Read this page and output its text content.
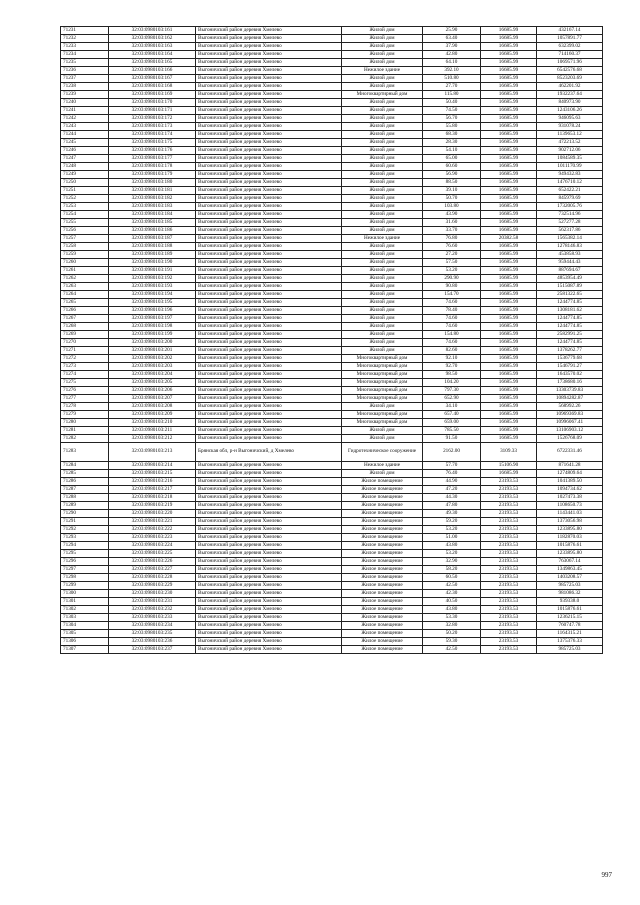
71231	32:03:0980103:161	Выгоничский район деревня Хмелево	Жилой дом	25.90	16685.99	432167.14
71232	32:03:0980103:162	Выгоничский район деревня Хмелево	Жилой дом	63.40	16685.99	1057891.77
71233	32:03:0980103:163	Выгоничский район деревня Хмелево	Жилой дом	37.90	16685.99	632399.02
71234	32:03:0980103:164	Выгоничский район деревня Хмелево	Жилой дом	42.80	16685.99	714160.37
71235	32:03:0980103:165	Выгоничский район деревня Хмелево	Жилой дом	64.10	16685.99	1069571.96
71236	32:03:0980103:166	Выгоничский район деревня Хмелево	Нежилое здание	392.10	16685.99	6542576.68
71237	32:03:0980103:167	Выгоничский район деревня Хмелево	Жилой дом	510.80	16685.99	8523203.69
71238	32:03:0980103:168	Выгоничский район деревня Хмелево	Жилой дом	27.70	16685.99	462201.92
71239	32:03:0980103:169	Выгоничский район деревня Хмелево	Многоквартирный дом	115.80	16685.99	1932237.64
71240	32:03:0980103:170	Выгоничский район деревня Хмелево	Жилой дом	50.40	16685.99	840973.90
71241	32:03:0980103:171	Выгоничский район деревня Хмелево	Жилой дом	74.50	16685.99	1243106.26
71242	32:03:0980103:172	Выгоничский район деревня Хмелево	Жилой дом	56.70	16685.99	946095.63
71243	32:03:0980103:173	Выгоничский район деревня Хмелево	Жилой дом	55.80	16685.99	931078.24
71244	32:03:0980103:174	Выгоничский район деревня Хмелево	Жилой дом	68.30	16685.99	1139653.12
71245	32:03:0980103:175	Выгоничский район деревня Хмелево	Жилой дом	28.30	16685.99	472213.52
71246	32:03:0980103:176	Выгоничский район деревня Хмелево	Жилой дом	54.10	16685.99	902712.06
71247	32:03:0980103:177	Выгоничский район деревня Хмелево	Жилой дом	65.00	16685.99	1084589.35
71248	32:03:0980103:178	Выгоничский район деревня Хмелево	Жилой дом	60.60	16685.99	1011170.99
71249	32:03:0980103:179	Выгоничский район деревня Хмелево	Жилой дом	56.90	16685.99	949432.83
71250	32:03:0980103:180	Выгоничский район деревня Хмелево	Жилой дом	88.50	16685.99	1476710.12
71251	32:03:0980103:181	Выгоничский район деревня Хмелево	Жилой дом	39.10	16685.99	652422.21
71252	32:03:0980103:182	Выгоничский район деревня Хмелево	Жилой дом	50.70	16685.99	845979.69
71253	32:03:0980103:183	Выгоничский район деревня Хмелево	Жилой дом	103.80	16685.99	1732005.76
71254	32:03:0980103:184	Выгоничский район деревня Хмелево	Жилой дом	43.90	16685.99	732514.96
71255	32:03:0980103:185	Выгоничский район деревня Хмелево	Жилой дом	31.60	16685.99	527277.28
71256	32:03:0980103:186	Выгоничский район деревня Хмелево	Жилой дом	33.70	16685.99	562317.86
71257	32:03:0980103:187	Выгоничский район деревня Хмелево	Нежилое здание	76.80	20382.58	1565382.14
71258	32:03:0980103:188	Выгоничский район деревня Хмелево	Жилой дом	76.60	16685.99	1278146.83
71259	32:03:0980103:189	Выгоничский район деревня Хмелево	Жилой дом	27.20	16685.99	453858.93
71260	32:03:0980103:190	Выгоничский район деревня Хмелево	Жилой дом	57.50	16685.99	959444.43
71261	32:03:0980103:191	Выгоничский район деревня Хмелево	Жилой дом	53.20	16685.99	887694.67
71262	32:03:0980103:192	Выгоничский район деревня Хмелево	Жилой дом	290.90	16685.99	4853954.49
71263	32:03:0980103:193	Выгоничский район деревня Хмелево	Жилой дом	90.80	16685.99	1515087.89
71264	32:03:0980103:194	Выгоничский район деревня Хмелево	Жилой дом	154.70	16685.99	2581322.65
71265	32:03:0980103:195	Выгоничский район деревня Хмелево	Жилой дом	74.60	16685.99	1244774.85
71266	32:03:0980103:196	Выгоничский район деревня Хмелево	Жилой дом	78.40	16685.99	1308181.62
71267	32:03:0980103:197	Выгоничский район деревня Хмелево	Жилой дом	74.60	16685.99	1244774.85
71268	32:03:0980103:198	Выгоничский район деревня Хмелево	Жилой дом	74.60	16685.99	1244774.85
71269	32:03:0980103:199	Выгоничский район деревня Хмелево	Жилой дом	154.80	16685.99	2582991.25
71270	32:03:0980103:200	Выгоничский район деревня Хмелево	Жилой дом	74.60	16685.99	1244774.85
71271	32:03:0980103:201	Выгоничский район деревня Хмелево	Жилой дом	82.60	16685.99	1378262.77
71272	32:03:0980103:202	Выгоничский район деревня Хмелево	Многоквартирный дом	92.10	16685.99	1536779.68
71273	32:03:0980103:203	Выгоничский район деревня Хмелево	Многоквартирный дом	92.70	16685.99	1546791.27
71274	32:03:0980103:204	Выгоничский район деревня Хмелево	Многоквартирный дом	98.50	16685.99	1643570.02
71275	32:03:0980103:205	Выгоничский район деревня Хмелево	Многоквартирный дом	104.20	16685.99	1738680.16
71276	32:03:0980103:206	Выгоничский район деревня Хмелево	Многоквартирный дом	797.30	16685.99	13303739.83
71277	32:03:0980103:207	Выгоничский район деревня Хмелево	Многоквартирный дом	652.90	16685.99	10894282.87
71278	32:03:0980103:208	Выгоничский район деревня Хмелево	Жилой дом	34.10	16685.99	568992.26
71279	32:03:0980103:209	Выгоничский район деревня Хмелево	Многоквартирный дом	657.40	16685.99	10969369.83
71280	32:03:0980103:210	Выгоничский район деревня Хмелево	Многоквартирный дом	659.00	16685.99	10996067.41
71281	32:03:0980103:211	Выгоничский район деревня Хмелево	Жилой дом	785.50	16685.99	13106903.12
71282	32:03:0980103:212	Выгоничский район деревня Хмелево	Жилой дом	91.50	16685.99	1526768.09
71283	32:03:0980103:213	Брянская обл, р-н Выгоничский, д Хмелево	Гидротехническое сооружение	2162.00	3109.33	6722331.46
71284	32:03:0980103:214	Выгоничский район деревня Хмелево	Нежилое здание	57.70	15106.90	871641.28
71285	32:03:0980103:215	Выгоничский район деревня Хмелево	Жилой дом	76.40	16685.99	1274809.64
71286	32:03:0980103:216	Выгоничский район деревня Хмелево	Жилое помещение	44.90	23193.53	1041389.50
71287	32:03:0980103:217	Выгоничский район деревня Хмелево	Жилое помещение	47.20	23193.53	1094734.62
71288	32:03:0980103:218	Выгоничский район деревня Хмелево	Жилое помещение	44.30	23193.53	1027473.38
71289	32:03:0980103:219	Выгоничский район деревня Хмелево	Жилое помещение	47.80	23193.53	1108650.73
71290	32:03:0980103:220	Выгоничский район деревня Хмелево	Жилое помещение	49.30	23193.53	1143441.03
71291	32:03:0980103:221	Выгоничский район деревня Хмелево	Жилое помещение	59.20	23193.53	1373056.98
71292	32:03:0980103:222	Выгоничский район деревня Хмелево	Жилое помещение	53.20	23193.53	1233895.80
71293	32:03:0980103:223	Выгоничский район деревня Хмелево	Жилое помещение	51.00	23193.53	1182870.03
71294	32:03:0980103:224	Выгоничский район деревня Хмелево	Жилое помещение	43.80	23193.53	1015876.61
71295	32:03:0980103:225	Выгоничский район деревня Хмелево	Жилое помещение	53.20	23193.53	1233895.80
71296	32:03:0980103:226	Выгоничский район деревня Хмелево	Жилое помещение	32.90	23193.53	763067.14
71297	32:03:0980103:227	Выгоничский район деревня Хмелево	Жилое помещение	58.20	23193.53	1349863.45
71298	32:03:0980103:228	Выгоничский район деревня Хмелево	Жилое помещение	60.50	23193.53	1403208.57
71299	32:03:0980103:229	Выгоничский район деревня Хмелево	Жилое помещение	42.50	23193.53	985725.03
71300	32:03:0980103:230	Выгоничский район деревня Хмелево	Жилое помещение	42.30	23193.53	981086.32
71301	32:03:0980103:231	Выгоничский район деревня Хмелево	Жилое помещение	40.50	23193.53	939338.0
71302	32:03:0980103:232	Выгоничский район деревня Хмелево	Жилое помещение	43.80	23193.53	1015876.61
71303	32:03:0980103:233	Выгоничский район деревня Хмелево	Жилое помещение	53.30	23193.53	1236215.15
71304	32:03:0980103:234	Выгоничский район деревня Хмелево	Жилое помещение	32.80	23193.53	760747.78
71305	32:03:0980103:235	Выгоничский район деревня Хмелево	Жилое помещение	50.20	23193.53	1164315.21
71306	32:03:0980103:236	Выгоничский район деревня Хмелево	Жилое помещение	59.30	23193.53	1375376.33
71307	32:03:0980103:237	Выгоничский район деревня Хмелево	Жилое помещение	42.50	23193.53	985725.03
997
